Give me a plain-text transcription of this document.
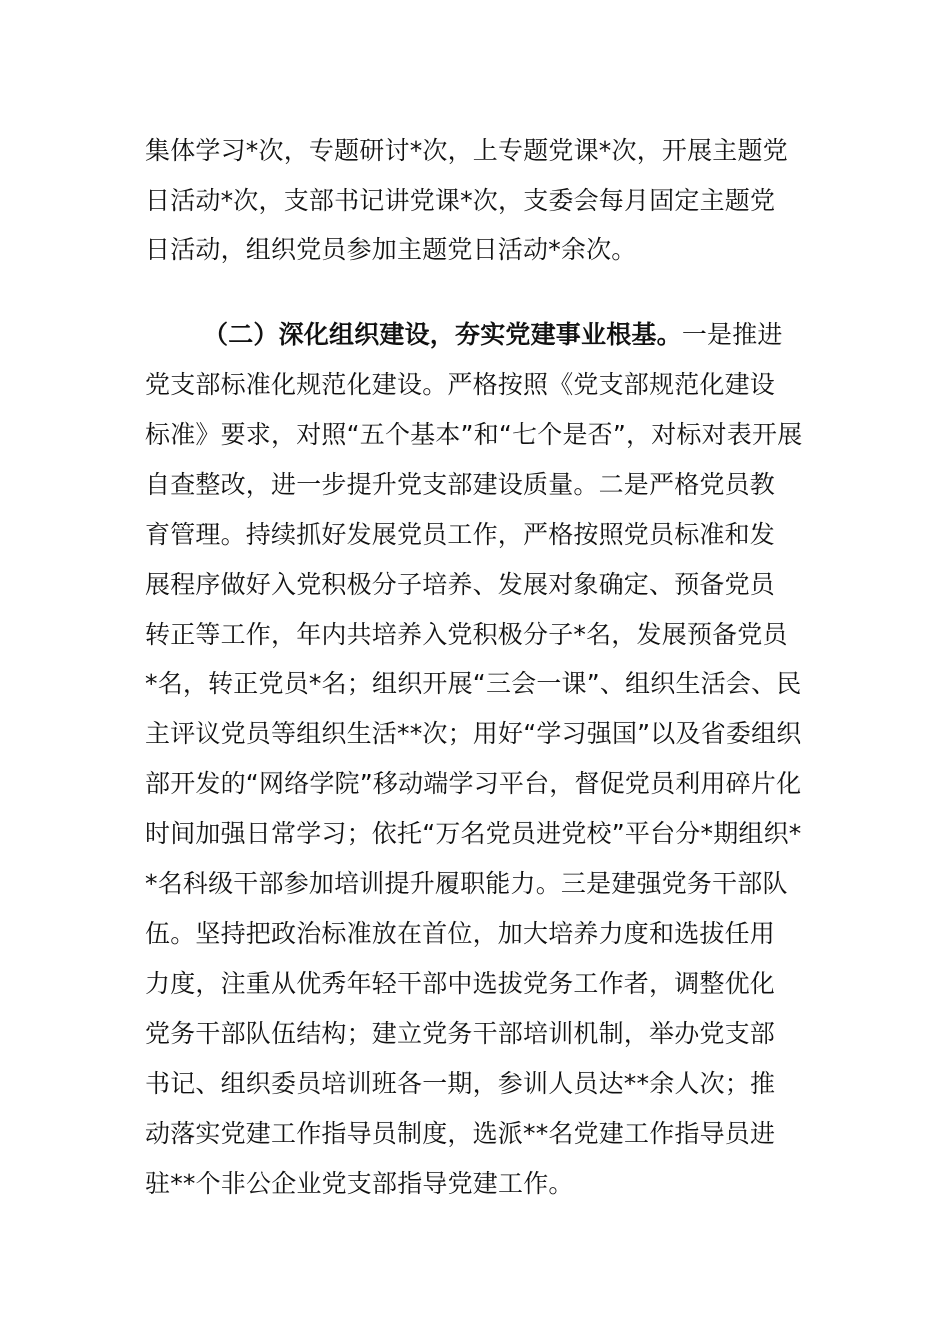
集体学习*次，专题研讨*次，上专题党课*次，开展主题党
日活动*次，支部书记讲党课*次，支委会每月固定主题党
日活动，组织党员参加主题党日活动*余次。
（二）深化组织建设，夯实党建事业根基。一是推进
党支部标准化规范化建设。严格按照《党支部规范化建设
标准》要求，对照“五个基本”和“七个是否”，对标对表开展
自查整改，进一步提升党支部建设质量。二是严格党员教
育管理。持续抓好发展党员工作，严格按照党员标准和发
展程序做好入党积极分子培养、发展对象确定、预备党员
转正等工作，年内共培养入党积极分子*名，发展预备党员
*名，转正党员*名；组织开展“三会一课”、组织生活会、民
主评议党员等组织生活**次；用好“学习强国”以及省委组织
部开发的“网络学院”移动端学习平台，督促党员利用碎片化
时间加强日常学习；依托“万名党员进党校”平台分*期组织*
*名科级干部参加培训提升履职能力。三是建强党务干部队
伍。坚持把政治标准放在首位，加大培养力度和选拔任用
力度，注重从优秀年轻干部中选拔党务工作者，调整优化
党务干部队伍结构；建立党务干部培训机制，举办党支部
书记、组织委员培训班各一期，参训人员达**余人次；推
动落实党建工作指导员制度，选派**名党建工作指导员进
驻**个非公企业党支部指导党建工作。
